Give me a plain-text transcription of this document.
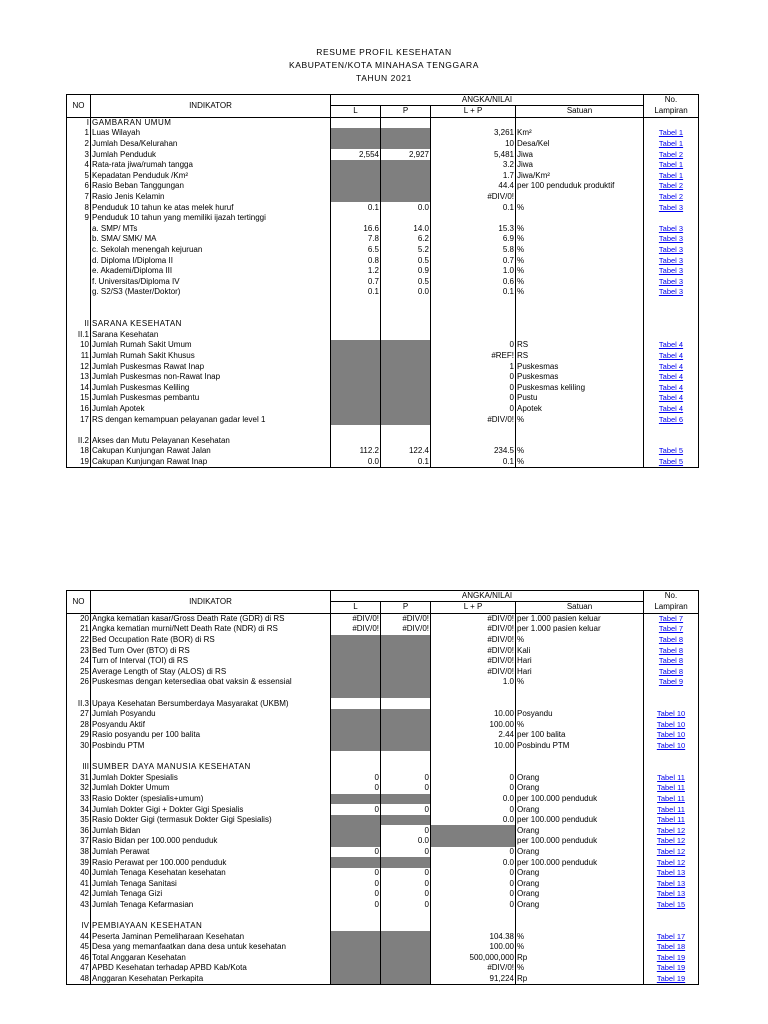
RESUME PROFIL KESEHATAN
KABUPATEN/KOTA MINAHASA TENGGARA
TAHUN 2021
NO	INDIKATOR	ANGKA/NILAI				No.
		L	P	L + P	Satuan	Lampiran
I	GAMBARAN UMUM					
1	Luas Wilayah			3,261	Km²	Tabel 1
2	Jumlah Desa/Kelurahan			10	Desa/Kel	Tabel 1
3	Jumlah Penduduk	2,554	2,927	5,481	Jiwa	Tabel 2
4	Rata-rata jiwa/rumah tangga			3.2	Jiwa	Tabel 1
5	Kepadatan Penduduk /Km²			1.7	Jiwa/Km²	Tabel 1
6	Rasio Beban Tanggungan			44.4	per 100 penduduk produktif	Tabel 2
7	Rasio Jenis Kelamin			#DIV/0!		Tabel 2
8	Penduduk 10 tahun ke atas melek huruf	0.1	0.0	0.1	%	Tabel 3
9	Penduduk 10 tahun yang memiliki ijazah tertinggi					
	a. SMP/ MTs	16.6	14.0	15.3	%	Tabel 3
	b. SMA/ SMK/ MA	7.8	6.2	6.9	%	Tabel 3
	c. Sekolah menengah kejuruan	6.5	5.2	5.8	%	Tabel 3
	d. Diploma I/Diploma II	0.8	0.5	0.7	%	Tabel 3
	e. Akademi/Diploma III	1.2	0.9	1.0	%	Tabel 3
	f. Universitas/Diploma IV	0.7	0.5	0.6	%	Tabel 3
	g. S2/S3 (Master/Doktor)	0.1	0.0	0.1	%	Tabel 3

II	SARANA KESEHATAN					
II.1	Sarana Kesehatan					
10	Jumlah Rumah Sakit Umum			0	RS	Tabel 4
11	Jumlah Rumah Sakit Khusus			#REF!	RS	Tabel 4
12	Jumlah Puskesmas Rawat Inap			1	Puskesmas	Tabel 4
13	Jumlah Puskesmas non-Rawat Inap			0	Puskesmas	Tabel 4
14	Jumlah Puskesmas Keliling			0	Puskesmas keliling	Tabel 4
15	Jumlah Puskesmas pembantu			0	Pustu	Tabel 4
16	Jumlah Apotek			0	Apotek	Tabel 4
17	RS dengan kemampuan pelayanan gadar level 1			#DIV/0!	%	Tabel 6

II.2	Akses dan Mutu Pelayanan Kesehatan					
18	Cakupan Kunjungan Rawat Jalan	112.2	122.4	234.5	%	Tabel 5
19	Cakupan Kunjungan Rawat Inap	0.0	0.1	0.1	%	Tabel 5
NO	INDIKATOR	ANGKA/NILAI				No.
		L	P	L + P	Satuan	Lampiran
20	Angka kematian kasar/Gross Death Rate (GDR) di RS	#DIV/0!	#DIV/0!	#DIV/0!	per 1.000 pasien keluar	Tabel 7
21	Angka kematian murni/Nett Death Rate (NDR) di RS	#DIV/0!	#DIV/0!	#DIV/0!	per 1.000 pasien keluar	Tabel 7
22	Bed Occupation Rate (BOR) di RS			#DIV/0!	%	Tabel 8
23	Bed Turn Over (BTO) di RS			#DIV/0!	Kali	Tabel 8
24	Turn of Interval (TOI) di RS			#DIV/0!	Hari	Tabel 8
25	Average Length of Stay (ALOS) di RS			#DIV/0!	Hari	Tabel 8
26	Puskesmas dengan ketersediaa obat vaksin & essensial			1.0	%	Tabel 9

II.3	Upaya Kesehatan Bersumberdaya Masyarakat (UKBM)					
27	Jumlah Posyandu			10.00	Posyandu	Tabel 10
28	Posyandu Aktif			100.00	%	Tabel 10
29	Rasio posyandu per 100 balita			2.44	per 100 balita	Tabel 10
30	Posbindu PTM			10.00	Posbindu PTM	Tabel 10

III	SUMBER DAYA MANUSIA KESEHATAN					
31	Jumlah Dokter Spesialis	0	0	0	Orang	Tabel 11
32	Jumlah Dokter Umum	0	0	0	Orang	Tabel 11
33	Rasio Dokter (spesialis+umum)			0.0	per 100.000 penduduk	Tabel 11
34	Jumlah Dokter Gigi + Dokter Gigi Spesialis	0	0	0	Orang	Tabel 11
35	Rasio Dokter Gigi (termasuk Dokter Gigi Spesialis)			0.0	per 100.000 penduduk	Tabel 11
36	Jumlah Bidan		0		Orang	Tabel 12
37	Rasio Bidan per 100.000 penduduk		0.0		per 100.000 penduduk	Tabel 12
38	Jumlah Perawat	0	0	0	Orang	Tabel 12
39	Rasio Perawat per 100.000 penduduk			0.0	per 100.000 penduduk	Tabel 12
40	Jumlah Tenaga Kesehatan kesehatan	0	0	0	Orang	Tabel 13
41	Jumlah Tenaga Sanitasi	0	0	0	Orang	Tabel 13
42	Jumlah Tenaga Gizi	0	0	0	Orang	Tabel 13
43	Jumlah Tenaga Kefarmasian	0	0	0	Orang	Tabel 15

IV	PEMBIAYAAN KESEHATAN					
44	Peserta Jaminan Pemeliharaan Kesehatan			104.38	%	Tabel 17
45	Desa yang memanfaatkan dana desa untuk kesehatan			100.00	%	Tabel 18
46	Total Anggaran Kesehatan			500,000,000	Rp	Tabel 19
47	APBD Kesehatan terhadap APBD Kab/Kota			#DIV/0!	%	Tabel 19
48	Anggaran Kesehatan Perkapita			91,224	Rp	Tabel 19
